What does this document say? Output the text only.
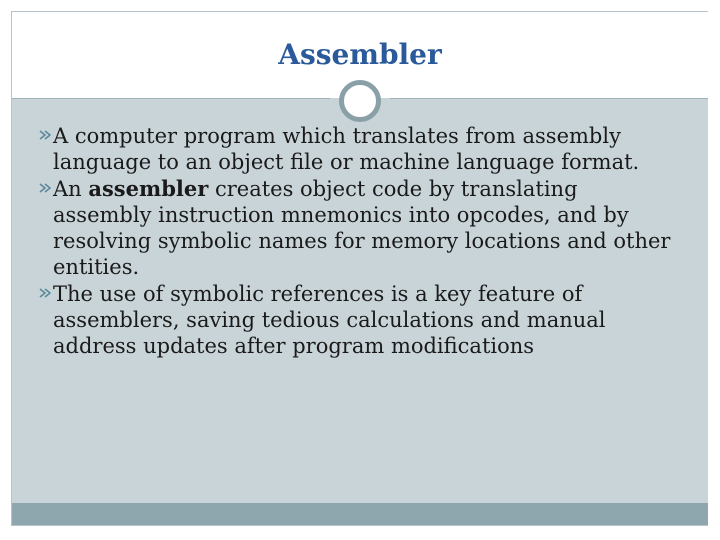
Assembler
A computer program which translates from assembly language to an object file or machine language format.
An assembler creates object code by translating assembly instruction mnemonics into opcodes, and by resolving symbolic names for memory locations and other entities.
The use of symbolic references is a key feature of assemblers, saving tedious calculations and manual address updates after program modifications
